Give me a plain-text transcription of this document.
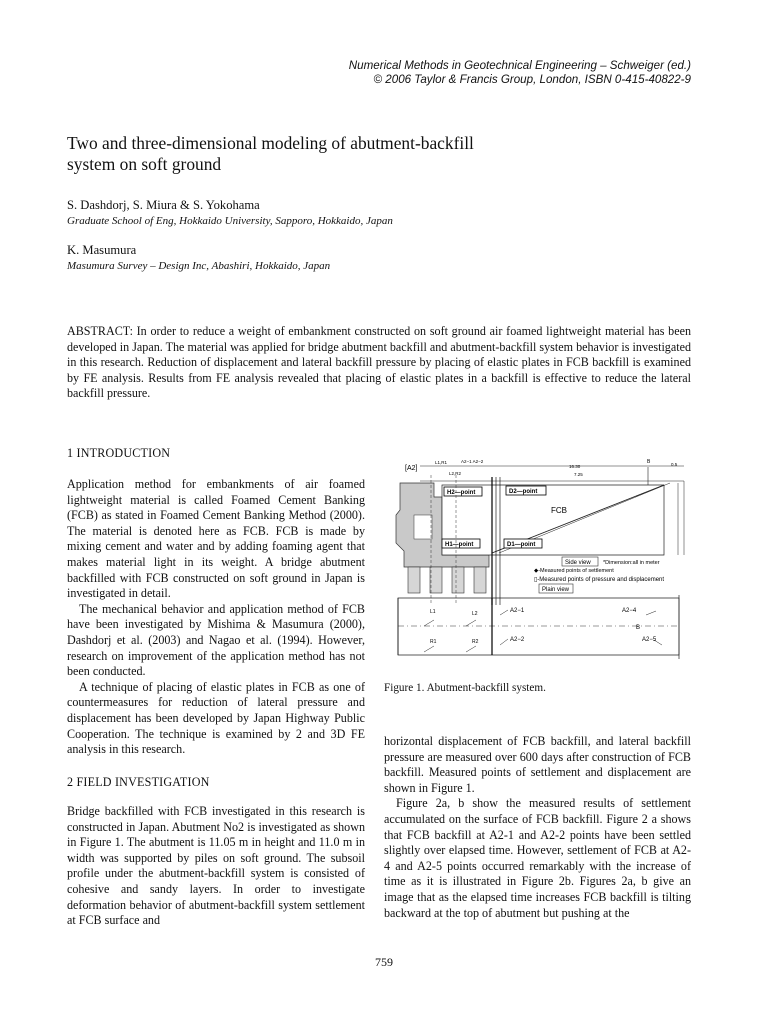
Numerical Methods in Geotechnical Engineering – Schweiger (ed.)
© 2006 Taylor & Francis Group, London, ISBN 0-415-40822-9
Two and three-dimensional modeling of abutment-backfill
system on soft ground
S. Dashdorj, S. Miura & S. Yokohama
Graduate School of Eng, Hokkaido University, Sapporo, Hokkaido, Japan
K. Masumura
Masumura Survey – Design Inc, Abashiri, Hokkaido, Japan
ABSTRACT: In order to reduce a weight of embankment constructed on soft ground air foamed lightweight material has been developed in Japan. The material was applied for bridge abutment backfill and abutment-backfill system behavior is investigated in this research. Reduction of displacement and lateral backfill pressure by placing of elastic plates in FCB backfill is examined by FE analysis. Results from FE analysis revealed that placing of elastic plates in a backfill is effective to reduce the lateral backfill pressure.
1 INTRODUCTION

Application method for embankments of air foamed lightweight material is called Foamed Cement Banking (FCB) as stated in Foamed Cement Banking Method (2000). The material is denoted here as FCB. FCB is made by mixing cement and water and by adding foaming agent that makes material light in its weight. A bridge abutment backfilled with FCB constructed on soft ground in Japan is investigated in detail.

The mechanical behavior and application method of FCB have been investigated by Mishima & Masumura (2000), Dashdorj et al. (2003) and Nagao et al. (1994). However, research on improvement of the application method has not been conducted.

A technique of placing of elastic plates in FCB as one of countermeasures for reduction of lateral pressure and displacement has been developed by Japan Highway Public Cooperation. The technique is examined by 2 and 3D FE analysis in this research.

2 FIELD INVESTIGATION

Bridge backfilled with FCB investigated in this research is constructed in Japan. Abutment No2 is investigated as shown in Figure 1. The abutment is 11.05 m in height and 11.0 m in width was supported by piles on soft ground. The subsoil profile under the abutment-backfill system is consisted of cohesive and sandy layers. In order to investigate deformation behavior of abutment-backfill system settlement at FCB surface and

[A2]
L1,R1
L2,R2
A2−1 A2−2
16.30
7.25
B	0.5
FCB
H2—point	D2—point
H1—point	D1—point
Side view *Dimension:all in meter
◆-Measured points of settlement
▯-Measured points of pressure and displacement
Plain view
L1	L2	A2−1	A2−4
B
R1	R2	A2−2	A2−5
Figure 1. Abutment-backfill system.

horizontal displacement of FCB backfill, and lateral backfill pressure are measured over 600 days after construction of FCB backfill. Measured points of settlement and displacement are shown in Figure 1.

Figure 2a, b show the measured results of settlement accumulated on the surface of FCB backfill. Figure 2 a shows that FCB backfill at A2-1 and A2-2 points have been settled slightly over elapsed time. However, settlement of FCB at A2-4 and A2-5 points occurred remarkably with the increase of time as it is illustrated in Figure 2b. Figures 2a, b give an image that as the elapsed time increases FCB backfill is tilting backward at the top of abutment but pushing at the

759
